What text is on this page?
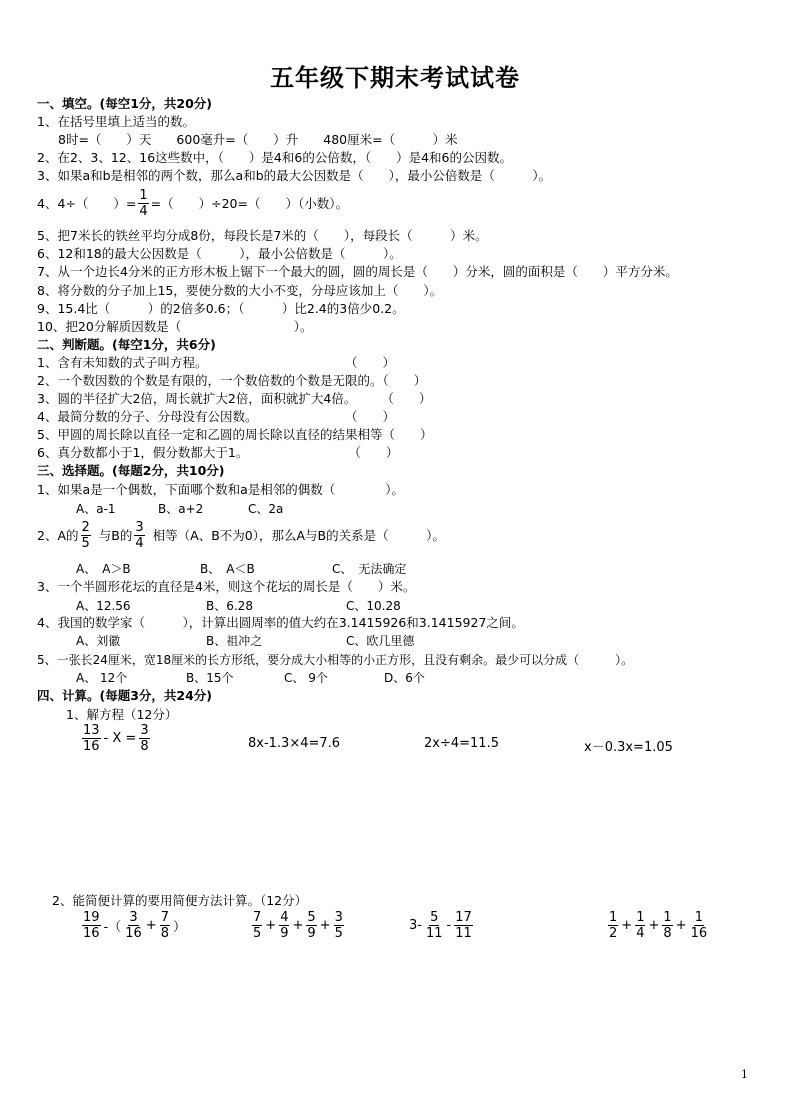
五年级下期末考试试卷
一、填空。(每空1分，共20分)
1、在括号里填上适当的数。
8时=（　　）天　　600毫升=（　　）升　　480厘米=（　　　）米
2、在2、3、12、16这些数中，（　　）是4和6的公倍数，（　　）是4和6的公因数。
3、如果a和b是相邻的两个数，那么a和b的最大公因数是（　　），最小公倍数是（　　　）。
4、4÷（　　）= $\frac{1}{4}$ =（　　）÷20=（　　）（小数）。
5、把7米长的铁丝平均分成8份，每段长是7米的（　　），每段长（　　　）米。
6、12和18的最大公因数是（　　　），最小公倍数是（　　　）。
7、从一个边长4分米的正方形木板上锯下一个最大的圆，圆的周长是（　　）分米，圆的面积是（　　）平方分米。
8、将分数的分子加上15，要使分数的大小不变，分母应该加上（　　）。
9、15.4比（　　　）的2倍多0.6；（　　　）比2.4的3倍少0.2。
10、把20分解质因数是（　　　　　　　　　）。
二、判断题。(每空1分，共6分)
1、含有未知数的式子叫方程。　　　　　　　　　　　　（　　）
2、一个数因数的个数是有限的，一个数倍数的个数是无限的。（　　）
3、圆的半径扩大2倍，周长就扩大2倍，面积就扩大4倍。　　　（　　）
4、最简分数的分子、分母没有公因数。　　　　　　　　（　　）
5、甲圆的周长除以直径一定和乙圆的周长除以直径的结果相等（　　）
6、真分数都小于1，假分数都大于1。　　　　　　　　　（　　）
三、选择题。(每题2分，共10分)
1、如果a是一个偶数，下面哪个数和a是相邻的偶数（　　　　）。
A、a-1	B、a+2	C、2a
2、A的 $\frac{2}{5}$ 与B的 $\frac{3}{4}$ 相等（A、B不为0），那么A与B的关系是（　　　）。
A、　A＞B	B、　A＜B	C、　无法确定
3、一个半圆形花坛的直径是4米，则这个花坛的周长是（　　）米。
A、12.56	B、6.28	C、10.28
4、我国的数学家（　　　），计算出圆周率的值大约在3.1415926和3.1415927之间。
A、刘徽	B、祖冲之	C、欧几里德
5、一张长24厘米，宽18厘米的长方形纸，要分成大小相等的小正方形，且没有剩余。最少可以分成（　　　）。
A、 12个	B、15个	C、 9个	D、6个
四、计算。(每题3分，共24分)
1、解方程（12分）
$\frac{13}{16} - X = \frac{3}{8}$	8x-1.3×4=7.6	2x÷4=11.5	x－0.3x=1.05
2、能简便计算的要用简便方法计算。（12分）
$\frac{19}{16}$ -（ $\frac{3}{16} + \frac{7}{8}$ ）	$\frac{7}{5} + \frac{4}{9} + \frac{5}{9} + \frac{3}{5}$	$3- \frac{5}{11} - \frac{17}{11}$	$\frac{1}{2} + \frac{1}{4} + \frac{1}{8} + \frac{1}{16}$
1
